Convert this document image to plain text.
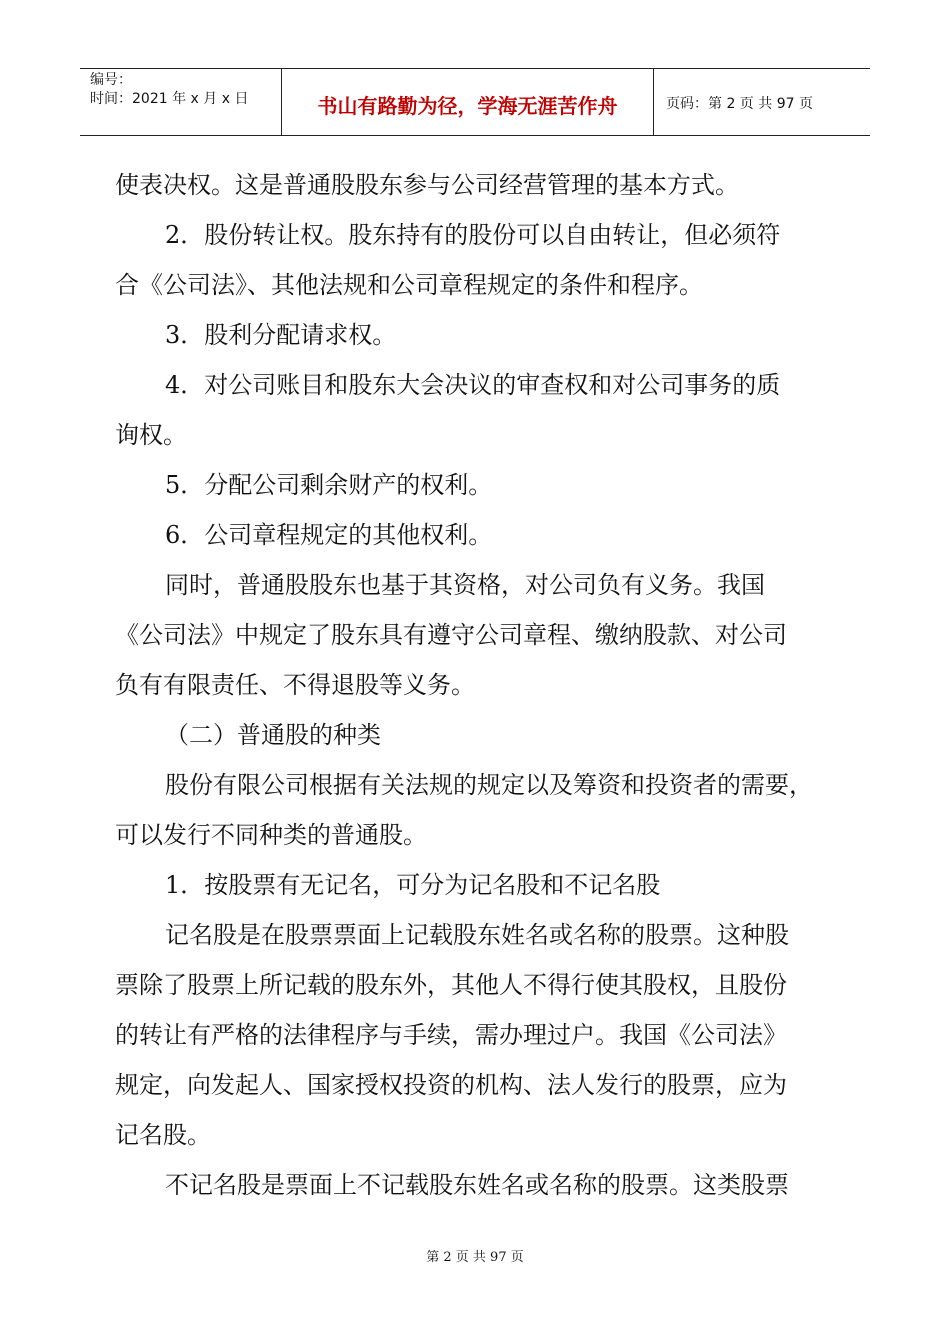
编号：
时间：2021 年 x 月 x 日	书山有路勤为径，学海无涯苦作舟	页码：第 2 页 共 97 页

使表决权。这是普通股股东参与公司经营管理的基本方式。

2．股份转让权。股东持有的股份可以自由转让，但必须符

合《公司法》、其他法规和公司章程规定的条件和程序。

3．股利分配请求权。

4．对公司账目和股东大会决议的审查权和对公司事务的质

询权。

5．分配公司剩余财产的权利。

6．公司章程规定的其他权利。

同时，普通股股东也基于其资格，对公司负有义务。我国

《公司法》中规定了股东具有遵守公司章程、缴纳股款、对公司

负有有限责任、不得退股等义务。

（二）普通股的种类

股份有限公司根据有关法规的规定以及筹资和投资者的需要，

可以发行不同种类的普通股。

1．按股票有无记名，可分为记名股和不记名股

记名股是在股票票面上记载股东姓名或名称的股票。这种股

票除了股票上所记载的股东外，其他人不得行使其股权，且股份

的转让有严格的法律程序与手续，需办理过户。我国《公司法》

规定，向发起人、国家授权投资的机构、法人发行的股票，应为

记名股。

不记名股是票面上不记载股东姓名或名称的股票。这类股票

第 2 页 共 97 页
